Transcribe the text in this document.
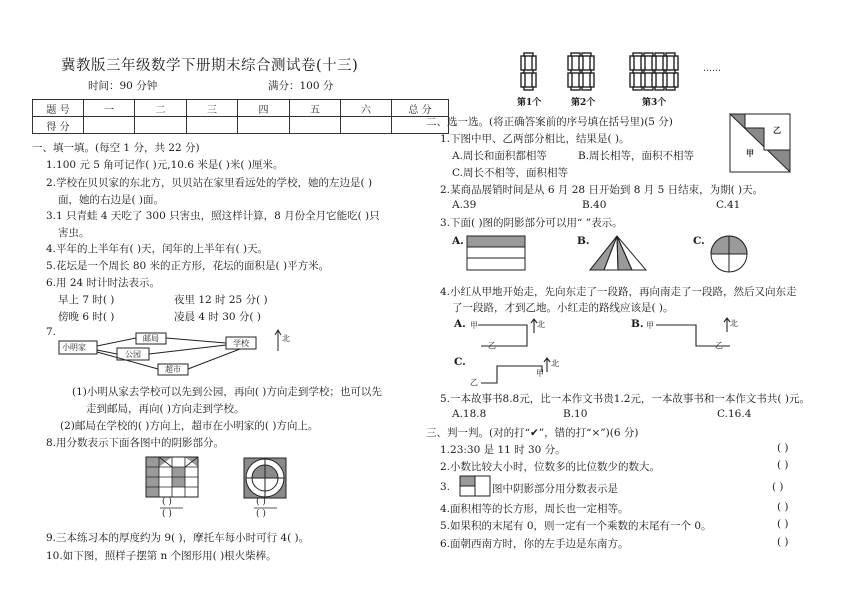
冀教版三年级数学下册期末综合测试卷(十三)
时间：90 分钟	满分：100 分
题 号	一	二	三	四	五	六	总 分
得 分							
一、填一填。(每空 1 分，共 22 分)
1.100 元 5 角可记作( )元,10.6 米是( )米( )厘米。
2.学校在贝贝家的东北方，贝贝站在家里看远处的学校，她的左边是( )
面，她的右边是( )面。
3.1 只青蛙 4 天吃了 300 只害虫，照这样计算，8 月份全月它能吃( )只
害虫。
4.平年的上半年有( )天，闰年的上半年有( )天。
5.花坛是一个周长 80 米的正方形，花坛的面积是( )平方米。
6.用 24 时计时法表示。
早上 7 时( )	夜里 12 时 25 分( )
傍晚 6 时( )	凌晨 4 时 30 分( )
7.
小明家
邮局
公园
学校
超市
北
(1)小明从家去学校可以先到公园，再向( )方向走到学校；也可以先
走到邮局，再向( )方向走到学校。
(2)邮局在学校的( )方向上，超市在小明家的( )方向上。
8.用分数表示下面各图中的阴影部分。
( )
( )
( )
( )
9.三本练习本的厚度约为 9( )，摩托车每小时可行 4( )。
10.如下图，照样子摆第 n 个图形用( )根火柴棒。
第1个	第2个	第3个
……
二、选一选。(将正确答案前的序号填在括号里)(5 分)
1.下图中甲、乙两部分相比，结果是( )。
A.周长和面积都相等	B.周长相等，面积不相等
C.周长不相等，面积相等
甲
乙
2.某商品展销时间是从 6 月 28 日开始到 8 月 5 日结束，为期( )天。
A.39	B.40	C.41
3.下面( )图的阴影部分可以用“ ”表示。
A.	B.	C.
4.小红从甲地开始走，先向东走了一段路，再向南走了一段路，然后又向东走
了一段路，才到乙地。小红走的路线应该是( )。
A.	B.
C.
甲
乙
北	甲
乙
北
甲
乙
北
5.一本故事书8.8元，比一本作文书贵1.2元，一本故事书和一本作文书共( )元。
A.18.8	B.10	C.16.4
三、判一判。(对的打“✔”，错的打“×”)(6 分)
1.23:30 是 11 时 30 分。	( )
2.小数比较大小时，位数多的比位数少的数大。	( )
3.	图中阴影部分用分数表示是	( )
4.面积相等的长方形，周长也一定相等。	( )
5.如果积的末尾有 0，则一定有一个乘数的末尾有一个 0。	( )
6.面朝西南方时，你的左手边是东南方。	( )
